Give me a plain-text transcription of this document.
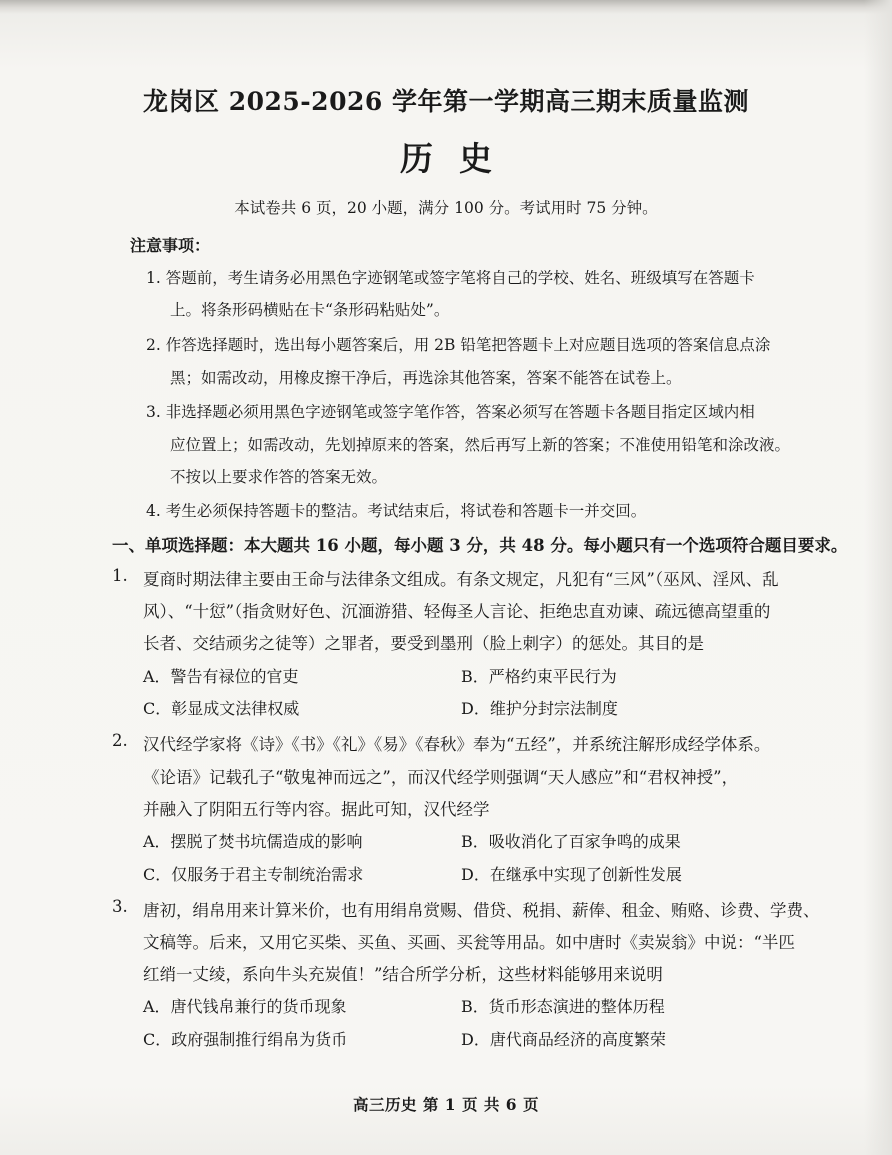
龙岗区 2025-2026 学年第一学期高三期末质量监测
历史
本试卷共 6 页，20 小题，满分 100 分。考试用时 75 分钟。
注意事项：
1. 答题前，考生请务必用黑色字迹钢笔或签字笔将自己的学校、姓名、班级填写在答题卡
上。将条形码横贴在卡“条形码粘贴处”。
2. 作答选择题时，选出每小题答案后，用 2B 铅笔把答题卡上对应题目选项的答案信息点涂
黑；如需改动，用橡皮擦干净后，再选涂其他答案，答案不能答在试卷上。
3. 非选择题必须用黑色字迹钢笔或签字笔作答，答案必须写在答题卡各题目指定区域内相
应位置上；如需改动，先划掉原来的答案，然后再写上新的答案；不准使用铅笔和涂改液。
不按以上要求作答的答案无效。
4. 考生必须保持答题卡的整洁。考试结束后，将试卷和答题卡一并交回。
一、单项选择题：本大题共 16 小题，每小题 3 分，共 48 分。每小题只有一个选项符合题目要求。
1. 夏商时期法律主要由王命与法律条文组成。有条文规定，凡犯有“三风”（巫风、淫风、乱
风）、“十愆”（指贪财好色、沉湎游猎、轻侮圣人言论、拒绝忠直劝谏、疏远德高望重的
长者、交结顽劣之徒等）之罪者，要受到墨刑（脸上刺字）的惩处。其目的是
A．警告有禄位的官吏	B．严格约束平民行为
C．彰显成文法律权威	D．维护分封宗法制度
2. 汉代经学家将《诗》《书》《礼》《易》《春秋》奉为“五经”，并系统注解形成经学体系。
《论语》记载孔子“敬鬼神而远之”，而汉代经学则强调“天人感应”和“君权神授”，
并融入了阴阳五行等内容。据此可知，汉代经学
A．摆脱了焚书坑儒造成的影响	B．吸收消化了百家争鸣的成果
C．仅服务于君主专制统治需求	D．在继承中实现了创新性发展
3. 唐初，绢帛用来计算米价，也有用绢帛赏赐、借贷、税捐、薪俸、租金、贿赂、诊费、学费、
文稿等。后来，又用它买柴、买鱼、买画、买瓮等用品。如中唐时《卖炭翁》中说：“半匹
红绡一丈绫，系向牛头充炭值！”结合所学分析，这些材料能够用来说明
A．唐代钱帛兼行的货币现象	B．货币形态演进的整体历程
C．政府强制推行绢帛为货币	D．唐代商品经济的高度繁荣
高三历史 第 1 页 共 6 页
